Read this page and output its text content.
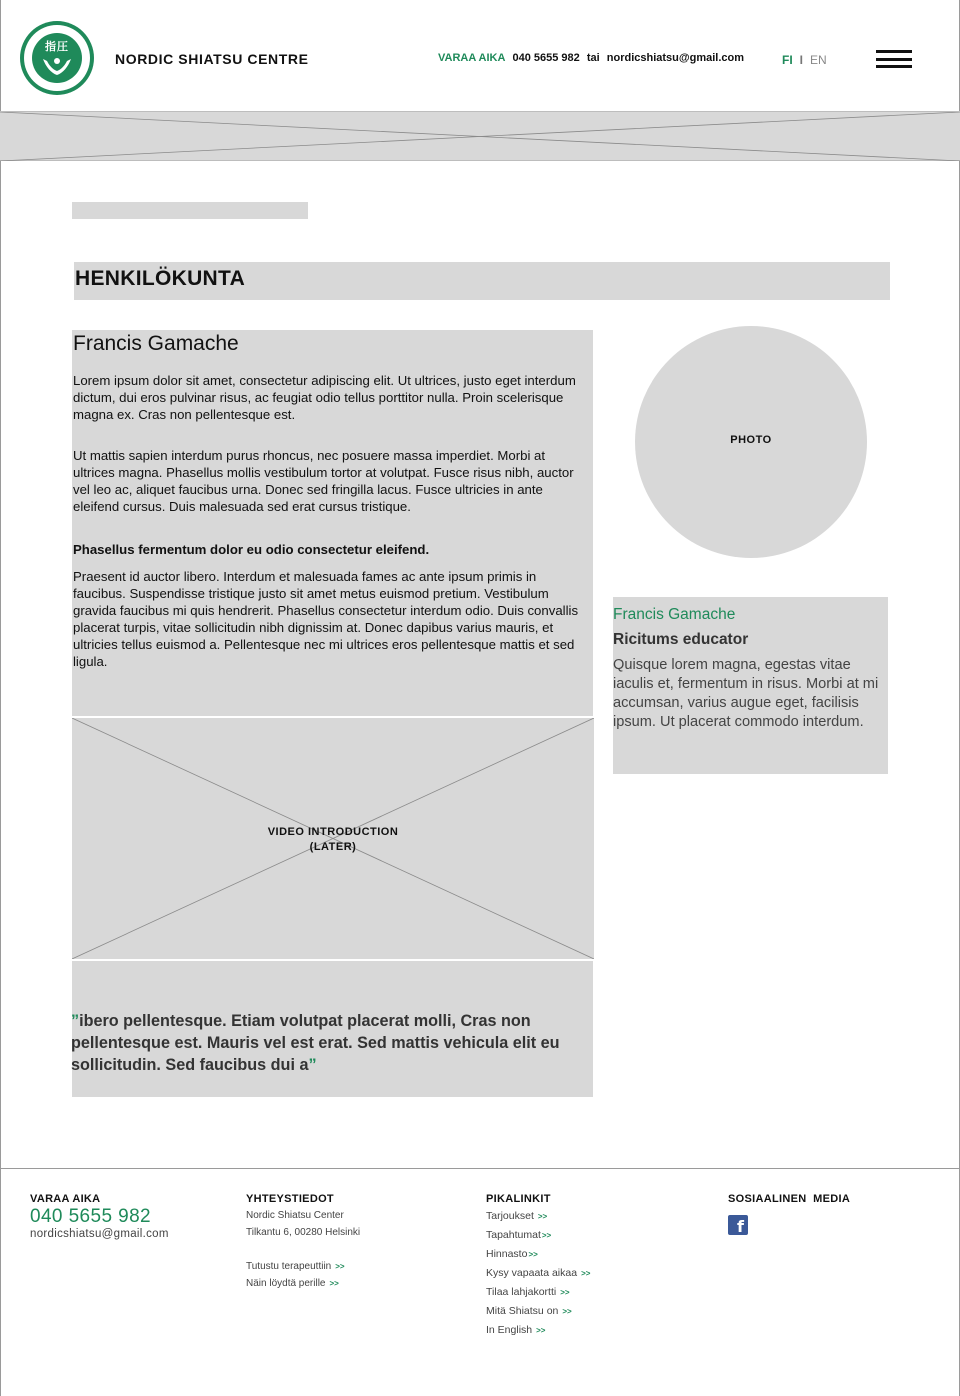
指圧
NORDIC SHIATSU CENTRE	VARAA AIKA 040 5655 982 tai nordicshiatsu@gmail.com	FI I EN
HENKILÖKUNTA
Francis Gamache

Lorem ipsum dolor sit amet, consectetur adipiscing elit. Ut ultrices, justo eget interdum dictum, dui eros pulvinar risus, ac feugiat odio tellus porttitor nulla. Proin scelerisque magna ex. Cras non pellentesque est.

Ut mattis sapien interdum purus rhoncus, nec posuere massa imperdiet. Morbi at ultrices magna. Phasellus mollis vestibulum tortor at volutpat. Fusce risus nibh, auctor vel leo ac, aliquet faucibus urna. Donec sed fringilla lacus. Fusce ultricies in ante eleifend cursus. Duis malesuada sed erat cursus tristique.

Phasellus fermentum dolor eu odio consectetur eleifend.

Praesent id auctor libero. Interdum et malesuada fames ac ante ipsum primis in faucibus. Suspendisse tristique justo sit amet metus euismod pretium. Vestibulum gravida faucibus mi quis hendrerit. Phasellus consectetur interdum odio. Duis convallis placerat turpis, vitae sollicitudin nibh dignissim at. Donec dapibus varius mauris, et ultricies tellus euismod a. Pellentesque nec mi ultrices eros pellentesque mattis et sed ligula.

VIDEO INTRODUCTION
(LATER)
”ibero pellentesque. Etiam volutpat placerat molli, Cras non pellentesque est. Mauris vel est erat. Sed mattis vehicula elit eu sollicitudin. Sed faucibus dui a”
PHOTO
Francis Gamache
Ricitums educator
Quisque lorem magna, egestas vitae iaculis et, fermentum in risus. Morbi at mi accumsan, varius augue eget, facilisis ipsum. Ut placerat commodo interdum.
VARAA AIKA
040 5655 982
nordicshiatsu@gmail.com
YHTEYSTIEDOT
Nordic Shiatsu Center
Tilkantu 6, 00280 Helsinki
Tutustu terapeuttiin >>
Näin löydtä perille >>
PIKALINKIT
Tarjoukset >>
Tapahtumat>>
Hinnasto>>
Kysy vapaata aikaa >>
Tilaa lahjakortti >>
Mitä Shiatsu on >>
In English >>
SOSIAALINEN  MEDIA
f
